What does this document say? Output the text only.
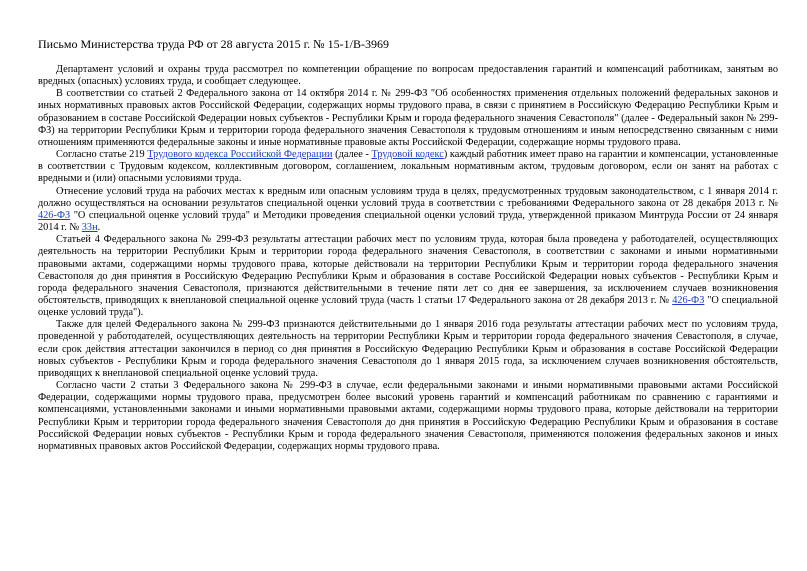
Письмо Министерства труда РФ от 28 августа 2015 г. № 15-1/В-3969

Департамент условий и охраны труда рассмотрел по компетенции обращение по вопросам предоставления гарантий и компенсаций работникам, занятым во вредных (опасных) условиях труда, и сообщает следующее.

В соответствии со статьей 2 Федерального закона от 14 октября 2014 г. № 299-ФЗ "Об особенностях применения отдельных положений федеральных законов и иных нормативных правовых актов Российской Федерации, содержащих нормы трудового права, в связи с принятием в Российскую Федерацию Республики Крым и образованием в составе Российской Федерации новых субъектов - Республики Крым и города федерального значения Севастополя" (далее - Федеральный закон № 299-ФЗ) на территории Республики Крым и территории города федерального значения Севастополя к трудовым отношениям и иным непосредственно связанным с ними отношениям применяются федеральные законы и иные нормативные правовые акты Российской Федерации, содержащие нормы трудового права.

Согласно статье 219 Трудового кодекса Российской Федерации (далее - Трудовой кодекс) каждый работник имеет право на гарантии и компенсации, установленные в соответствии с Трудовым кодексом, коллективным договором, соглашением, локальным нормативным актом, трудовым договором, если он занят на работах с вредными и (или) опасными условиями труда.

Отнесение условий труда на рабочих местах к вредным или опасным условиям труда в целях, предусмотренных трудовым законодательством, с 1 января 2014 г. должно осуществляться на основании результатов специальной оценки условий труда в соответствии с требованиями Федерального закона от 28 декабря 2013 г. № 426-ФЗ "О специальной оценке условий труда" и Методики проведения специальной оценки условий труда, утвержденной приказом Минтруда России от 24 января 2014 г. № 33н.

Статьей 4 Федерального закона № 299-ФЗ результаты аттестации рабочих мест по условиям труда, которая была проведена у работодателей, осуществляющих деятельность на территории Республики Крым и территории города федерального значения Севастополя, в соответствии с законами и иными нормативными правовыми актами, содержащими нормы трудового права, которые действовали на территории Республики Крым и территории города федерального значения Севастополя до дня принятия в Российскую Федерацию Республики Крым и образования в составе Российской Федерации новых субъектов - Республики Крым и города федерального значения Севастополя, признаются действительными в течение пяти лет со дня ее завершения, за исключением случаев возникновения обстоятельств, приводящих к внеплановой специальной оценке условий труда (часть 1 статьи 17 Федерального закона от 28 декабря 2013 г. № 426-ФЗ "О специальной оценке условий труда").

Также для целей Федерального закона № 299-ФЗ признаются действительными до 1 января 2016 года результаты аттестации рабочих мест по условиям труда, проведенной у работодателей, осуществляющих деятельность на территории Республики Крым и территории города федерального значения Севастополя, в случае, если срок действия аттестации закончился в период со дня принятия в Российскую Федерацию Республики Крым и образования в составе Российской Федерации новых субъектов - Республики Крым и города федерального значения Севастополя до 1 января 2015 года, за исключением случаев возникновения обстоятельств, приводящих к внеплановой специальной оценке условий труда.

Согласно части 2 статьи 3 Федерального закона № 299-ФЗ в случае, если федеральными законами и иными нормативными правовыми актами Российской Федерации, содержащими нормы трудового права, предусмотрен более высокий уровень гарантий и компенсаций работникам по сравнению с гарантиями и компенсациями, установленными законами и иными нормативными правовыми актами, содержащими нормы трудового права, которые действовали на территории Республики Крым и территории города федерального значения Севастополя до дня принятия в Российскую Федерацию Республики Крым и образования в составе Российской Федерации новых субъектов - Республики Крым и города федерального значения Севастополя, применяются положения федеральных законов и иных нормативных правовых актов Российской Федерации, содержащих нормы трудового права.
